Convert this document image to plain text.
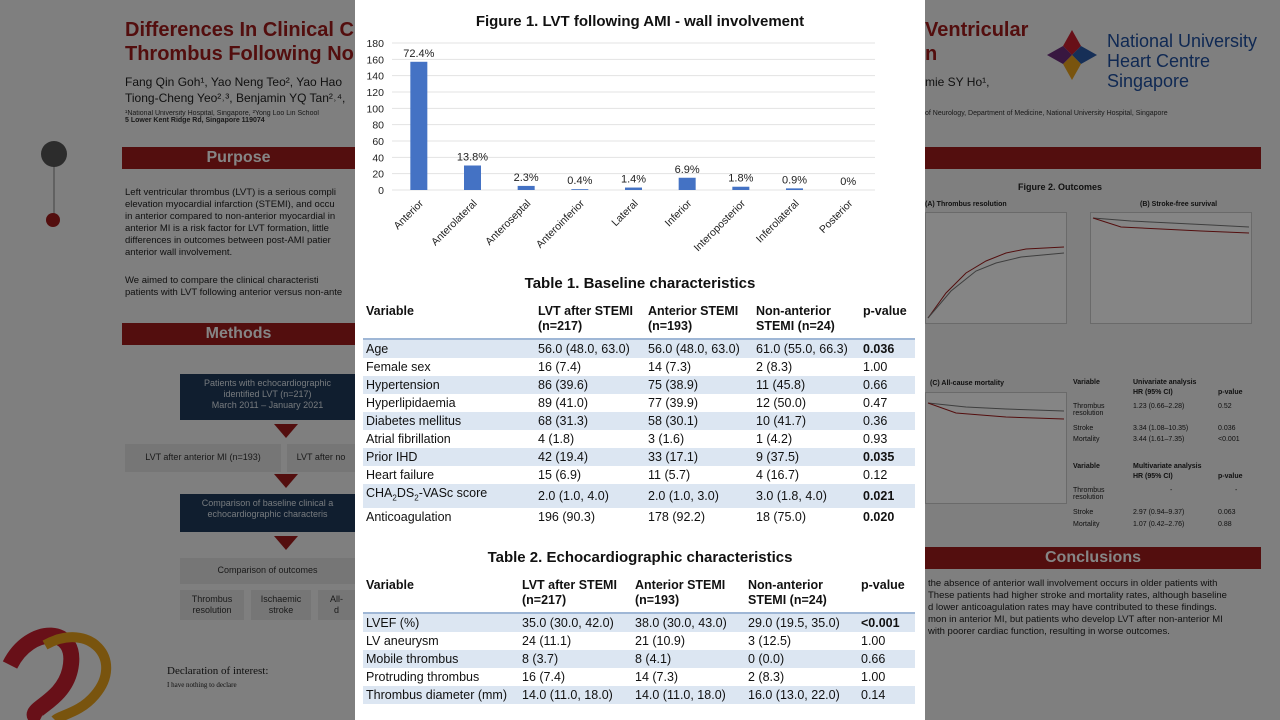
Differences In Clinical C
Thrombus Following No
Ventricular
n
National University
Heart Centre
Singapore
Fang Qin Goh¹, Yao Neng Teo², Yao Hao
Tiong-Cheng Yeo²˒³, Benjamin YQ Tan²˒⁴,
mie SY Ho¹,
¹National University Hospital, Singapore, ²Yong Loo Lin School
5 Lower Kent Ridge Rd, Singapore 119074
of Neurology, Department of Medicine, National University Hospital, Singapore
Purpose
Left ventricular thrombus (LVT) is a serious compli
elevation myocardial infarction (STEMI), and occu
in anterior compared to non-anterior myocardial in
anterior MI is a risk factor for LVT formation, little
differences in outcomes between post-AMI patier
anterior wall involvement.
We aimed to compare the clinical characteristi
patients with LVT following anterior versus non-ante
Methods
Patients with echocardiographic
identified LVT (n=217)
March 2011 – January 2021
LVT after anterior MI (n=193)	LVT after no
Comparison of baseline clinical a
echocardiographic characteris
Comparison of outcomes
Thrombus
resolution
Ischaemic
stroke
All-
d
Declaration of interest:
I have nothing to declare
Figure 2. Outcomes
(A) Thrombus resolution	(B) Stroke-free survival
(C) All-cause mortality	Variable	Univariate analysis
HR (95% CI)	p-value
Thrombus resolution
1.23 (0.66–2.28)	0.52
Stroke	3.34 (1.08–10.35)	0.036
Mortality	3.44 (1.61–7.35)	<0.001
Variable	Multivariate analysis
HR (95% CI)	p-value
Thrombus resolution
-	-
Stroke	2.97 (0.94–9.37)	0.063
Mortality	1.07 (0.42–2.76)	0.88
Conclusions
the absence of anterior wall involvement occurs in older patients with
These patients had higher stroke and mortality rates, although baseline
d lower anticoagulation rates may have contributed to these findings.
mon in anterior MI, but patients who develop LVT after non-anterior MI
with poorer cardiac function, resulting in worse outcomes.
Figure 1. LVT following AMI - wall involvement
0
20
40
60
80
100
120
140
160
180
72.4%
Anterior
13.8%
Anterolateral
2.3%
Anteroseptal
0.4%
Anteroinferior
1.4%
Lateral
6.9%
Inferior
1.8%
Interoposterior
0.9%
Inferolateral
0%
Posterior
Table 1. Baseline characteristics
Variable	LVT after STEMI (n=217)	Anterior STEMI (n=193)	Non-anterior STEMI (n=24)	p-value
Age	56.0 (48.0, 63.0)	56.0 (48.0, 63.0)	61.0 (55.0, 66.3)	0.036
Female sex	16 (7.4)	14 (7.3)	2 (8.3)	1.00
Hypertension	86 (39.6)	75 (38.9)	11 (45.8)	0.66
Hyperlipidaemia	89 (41.0)	77 (39.9)	12 (50.0)	0.47
Diabetes mellitus	68 (31.3)	58 (30.1)	10 (41.7)	0.36
Atrial fibrillation	4 (1.8)	3 (1.6)	1 (4.2)	0.93
Prior IHD	42 (19.4)	33 (17.1)	9 (37.5)	0.035
Heart failure	15 (6.9)	11 (5.7)	4 (16.7)	0.12
$CHA_2DS_2$-VASc score	2.0 (1.0, 4.0)	2.0 (1.0, 3.0)	3.0 (1.8, 4.0)	0.021
Anticoagulation	196 (90.3)	178 (92.2)	18 (75.0)	0.020
Table 2. Echocardiographic characteristics
Variable	LVT after STEMI (n=217)	Anterior STEMI (n=193)	Non-anterior STEMI (n=24)	p-value
LVEF (%)	35.0 (30.0, 42.0)	38.0 (30.0, 43.0)	29.0 (19.5, 35.0)	<0.001
LV aneurysm	24 (11.1)	21 (10.9)	3 (12.5)	1.00
Mobile thrombus	8 (3.7)	8 (4.1)	0 (0.0)	0.66
Protruding thrombus	16 (7.4)	14 (7.3)	2 (8.3)	1.00
Thrombus diameter (mm)	14.0 (11.0, 18.0)	14.0 (11.0, 18.0)	16.0 (13.0, 22.0)	0.14
